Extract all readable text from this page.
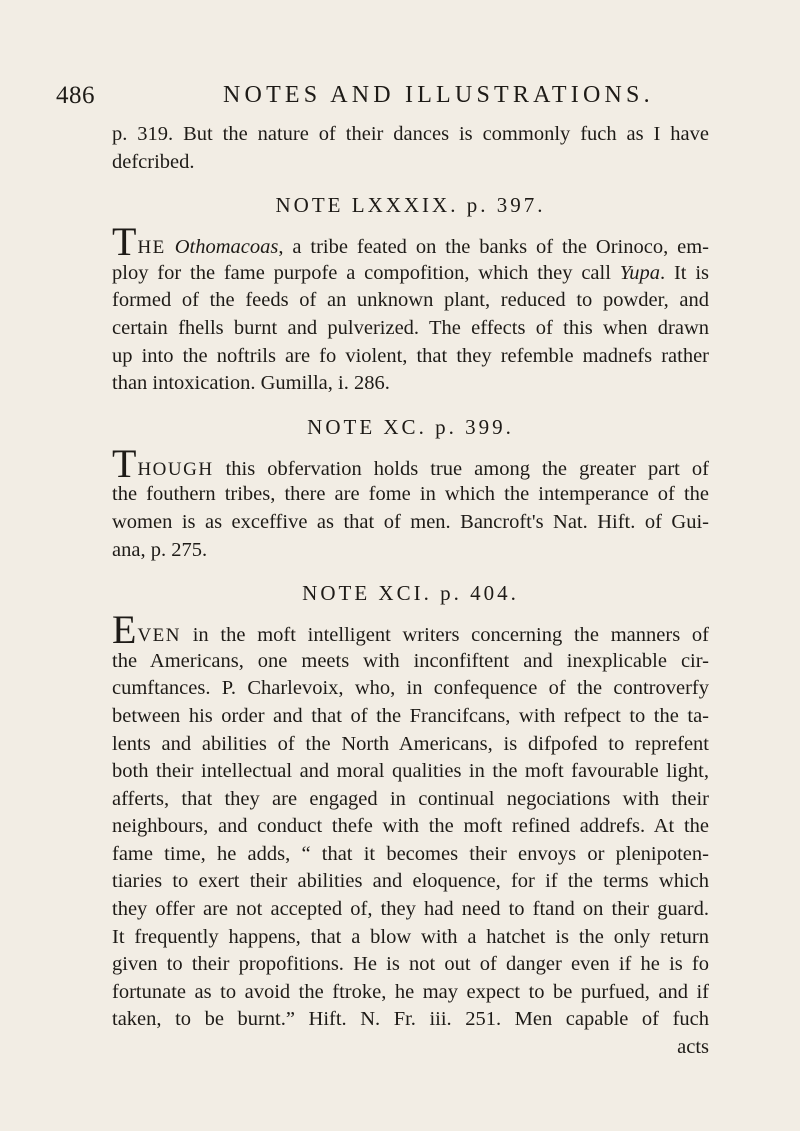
486	NOTES AND ILLUSTRATIONS.
p. 319. But the nature of their dances is commonly fuch as I have
defcribed.
NOTE LXXXIX. p. 397.
THE Othomacoas, a tribe feated on the banks of the Orinoco, em-
ploy for the fame purpofe a compofition, which they call Yupa. It is
formed of the feeds of an unknown plant, reduced to powder, and
certain fhells burnt and pulverized. The effects of this when drawn
up into the noftrils are fo violent, that they refemble madnefs rather
than intoxication. Gumilla, i. 286.
NOTE XC. p. 399.
THOUGH this obfervation holds true among the greater part of
the fouthern tribes, there are fome in which the intemperance of the
women is as exceffive as that of men. Bancroft's Nat. Hift. of Gui-
ana, p. 275.
NOTE XCI. p. 404.
EVEN in the moft intelligent writers concerning the manners of
the Americans, one meets with inconfiftent and inexplicable cir-
cumftances. P. Charlevoix, who, in confequence of the controverfy
between his order and that of the Francifcans, with refpect to the ta-
lents and abilities of the North Americans, is difpofed to reprefent
both their intellectual and moral qualities in the moft favourable light,
afferts, that they are engaged in continual negociations with their
neighbours, and conduct thefe with the moft refined addrefs. At the
fame time, he adds, “ that it becomes their envoys or plenipoten-
tiaries to exert their abilities and eloquence, for if the terms which
they offer are not accepted of, they had need to ftand on their guard.
It frequently happens, that a blow with a hatchet is the only return
given to their propofitions. He is not out of danger even if he is fo
fortunate as to avoid the ftroke, he may expect to be purfued, and if
taken, to be burnt.” Hift. N. Fr. iii. 251. Men capable of fuch
acts
